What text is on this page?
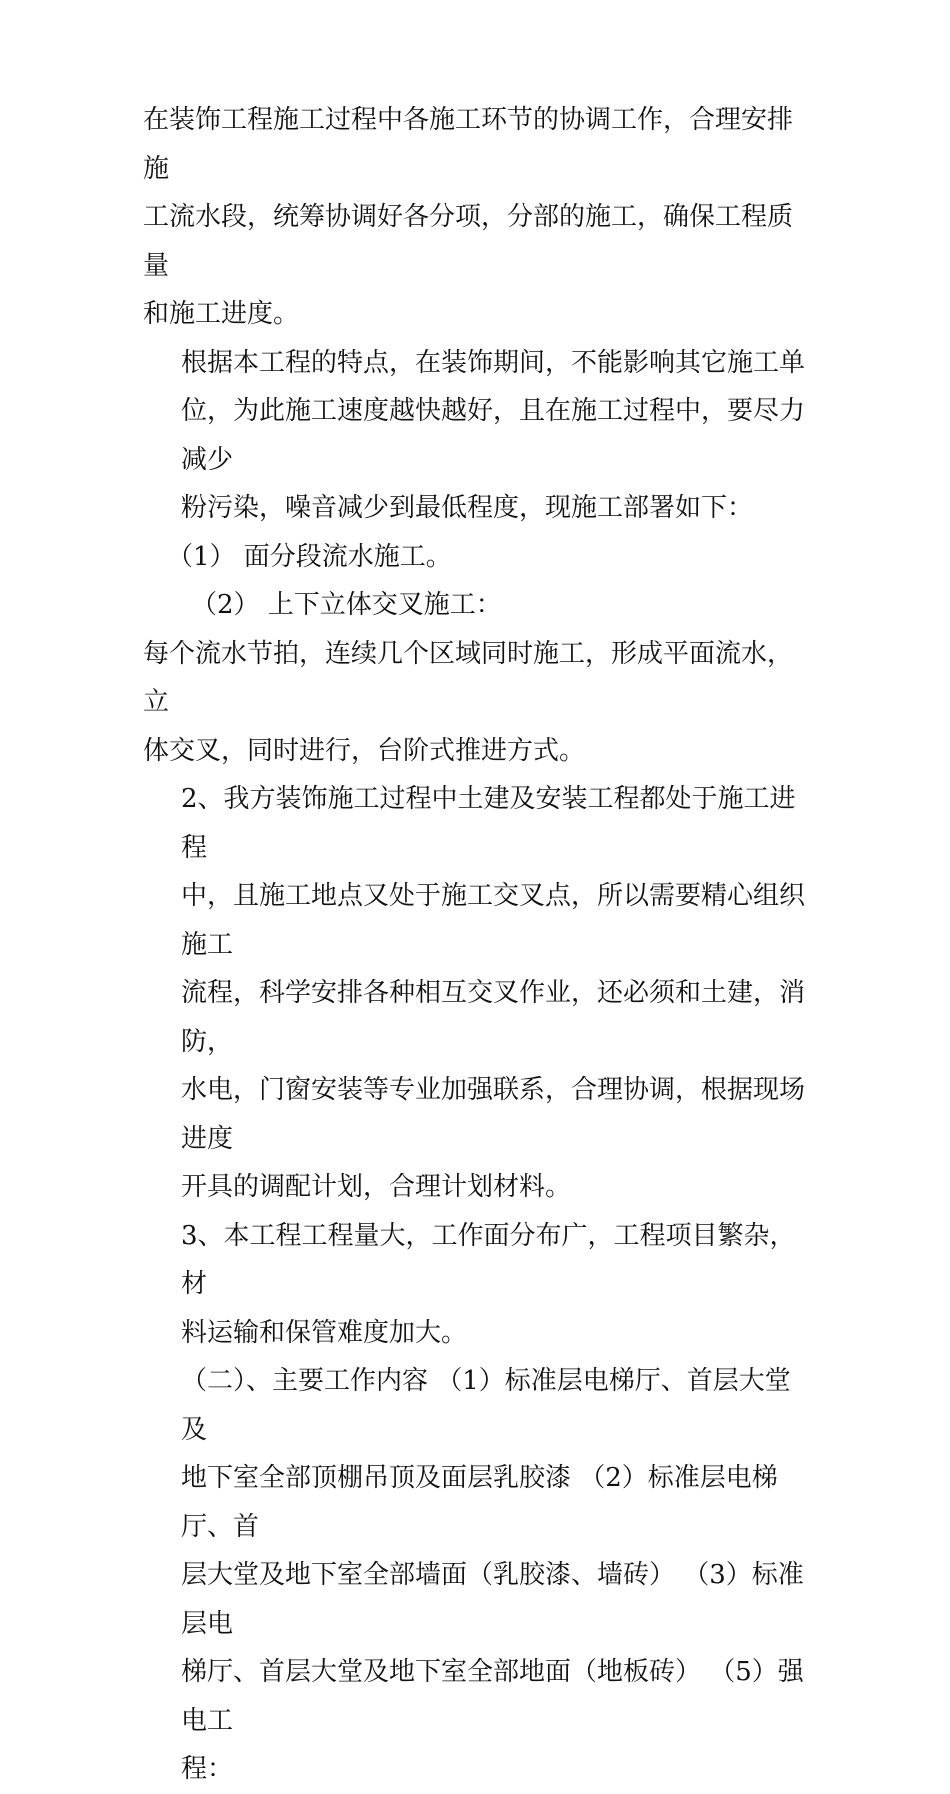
在装饰工程施工过程中各施工环节的协调工作，合理安排施
工流水段，统筹协调好各分项，分部的施工，确保工程质量
和施工进度。

根据本工程的特点，在装饰期间，不能影响其它施工单
位，为此施工速度越快越好，且在施工过程中，要尽力减少
粉污染，噪音减少到最低程度，现施工部署如下：

（1） 面分段流水施工。

（2） 上下立体交叉施工：

每个流水节拍，连续几个区域同时施工，形成平面流水，立
体交叉，同时进行，台阶式推进方式。

2、我方装饰施工过程中土建及安装工程都处于施工进程
中，且施工地点又处于施工交叉点，所以需要精心组织施工
流程，科学安排各种相互交叉作业，还必须和土建，消防，
水电，门窗安装等专业加强联系，合理协调，根据现场进度
开具的调配计划，合理计划材料。

3、本工程工程量大，工作面分布广，工程项目繁杂，材
料运输和保管难度加大。

（二）、主要工作内容 （1）标准层电梯厅、首层大堂及
地下室全部顶棚吊顶及面层乳胶漆 （2）标准层电梯厅、首
层大堂及地下室全部墙面（乳胶漆、墙砖） （3）标准层电
梯厅、首层大堂及地下室全部地面（地板砖） （5）强电工
程：
